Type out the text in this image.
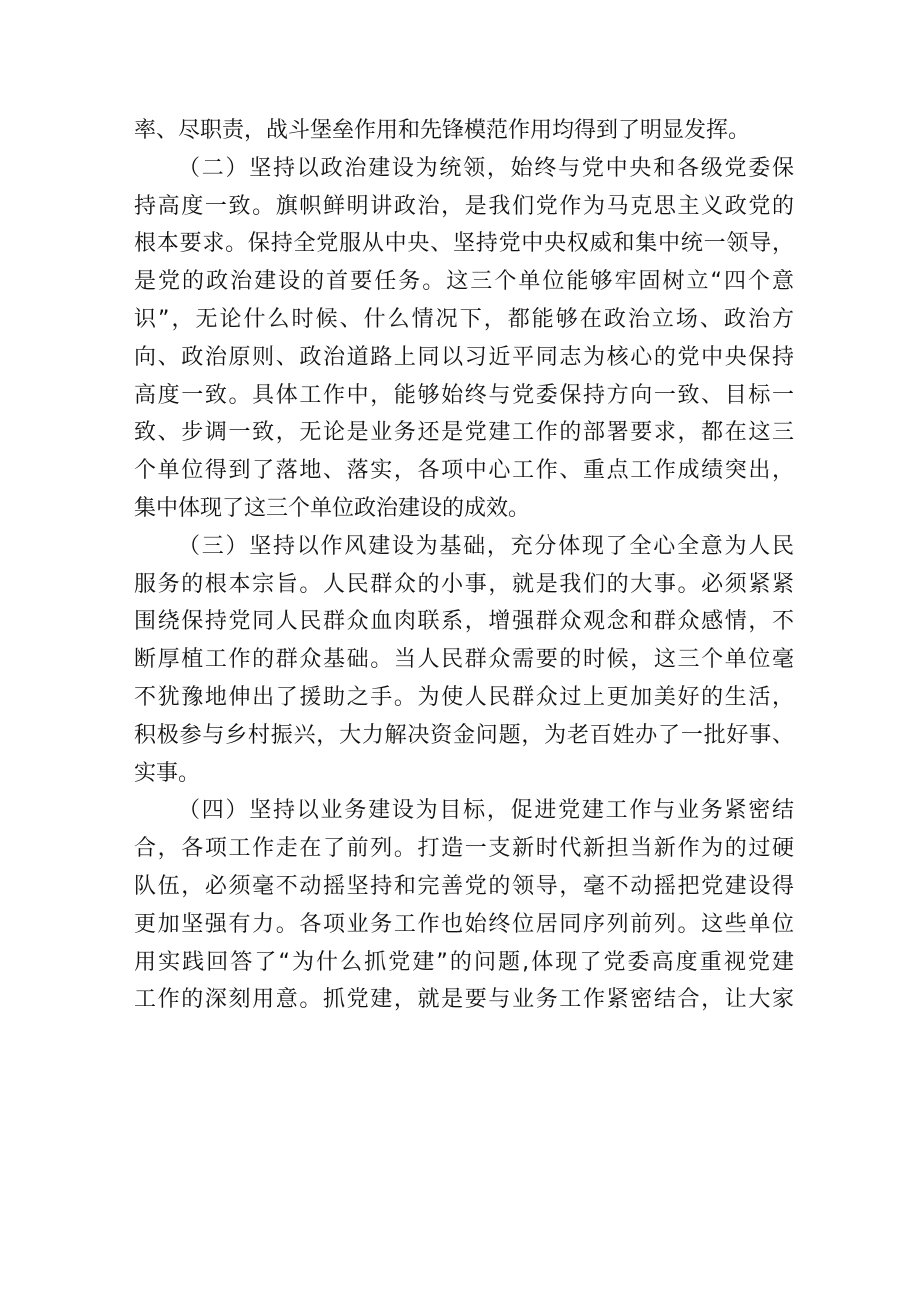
率、尽职责，战斗堡垒作用和先锋模范作用均得到了明显发挥。
（二）坚持以政治建设为统领，始终与党中央和各级党委保
持高度一致。旗帜鲜明讲政治，是我们党作为马克思主义政党的
根本要求。保持全党服从中央、坚持党中央权威和集中统一领导，
是党的政治建设的首要任务。这三个单位能够牢固树立“四个意
识”，无论什么时候、什么情况下，都能够在政治立场、政治方
向、政治原则、政治道路上同以习近平同志为核心的党中央保持
高度一致。具体工作中，能够始终与党委保持方向一致、目标一
致、步调一致，无论是业务还是党建工作的部署要求，都在这三
个单位得到了落地、落实，各项中心工作、重点工作成绩突出，
集中体现了这三个单位政治建设的成效。
（三）坚持以作风建设为基础，充分体现了全心全意为人民
服务的根本宗旨。人民群众的小事，就是我们的大事。必须紧紧
围绕保持党同人民群众血肉联系，增强群众观念和群众感情，不
断厚植工作的群众基础。当人民群众需要的时候，这三个单位毫
不犹豫地伸出了援助之手。为使人民群众过上更加美好的生活，
积极参与乡村振兴，大力解决资金问题，为老百姓办了一批好事、
实事。
（四）坚持以业务建设为目标，促进党建工作与业务紧密结
合，各项工作走在了前列。打造一支新时代新担当新作为的过硬
队伍，必须毫不动摇坚持和完善党的领导，毫不动摇把党建设得
更加坚强有力。各项业务工作也始终位居同序列前列。这些单位
用实践回答了“为什么抓党建”的问题,体现了党委高度重视党建
工作的深刻用意。抓党建，就是要与业务工作紧密结合，让大家
